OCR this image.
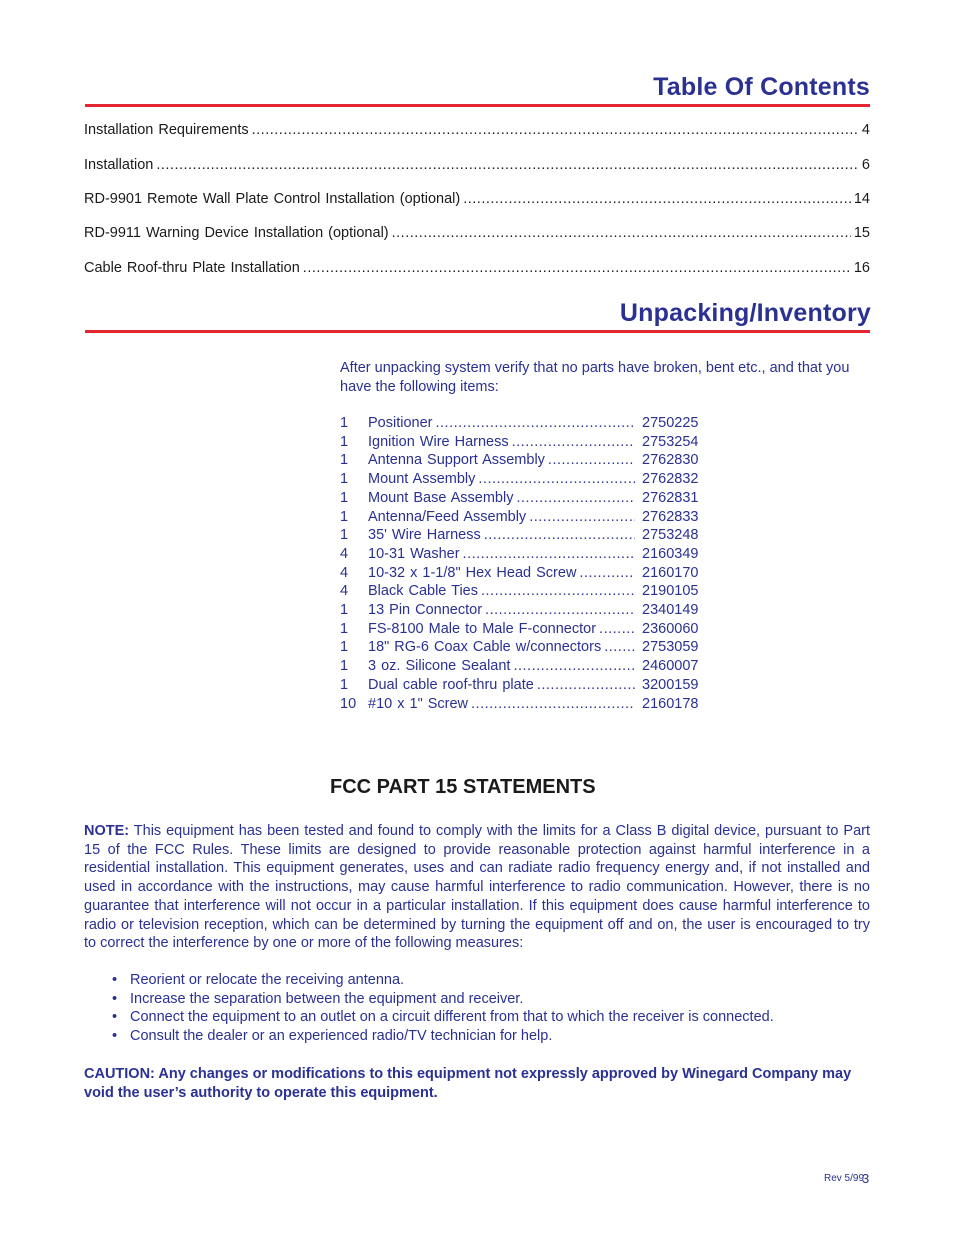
Table Of Contents
Installation Requirements .....	4
Installation .....	6
RD-9901 Remote Wall Plate Control Installation (optional) .....	14
RD-9911 Warning Device Installation (optional) .....	15
Cable Roof-thru Plate Installation .....	16
Unpacking/Inventory

After unpacking system verify that no parts have broken, bent etc., and that you have the following items:

1	Positioner .....	2750225
1	Ignition Wire Harness .....	2753254
1	Antenna Support Assembly .....	2762830
1	Mount Assembly .....	2762832
1	Mount Base Assembly .....	2762831
1	Antenna/Feed Assembly .....	2762833
1	35' Wire Harness .....	2753248
4	10-31 Washer .....	2160349
4	10-32 x 1-1/8" Hex Head Screw .....	2160170
4	Black Cable Ties .....	2190105
1	13 Pin Connector .....	2340149
1	FS-8100 Male to Male F-connector .....	2360060
1	18" RG-6 Coax Cable w/connectors .....	2753059
1	3 oz. Silicone Sealant .....	2460007
1	Dual cable roof-thru plate .....	3200159
10 #10 x 1" Screw .....	2160178
FCC PART 15 STATEMENTS

NOTE: This equipment has been tested and found to comply with the limits for a Class B digital device, pursuant to Part 15 of the FCC Rules. These limits are designed to provide reasonable protection against harmful interference in a residential installation. This equipment generates, uses and can radiate radio frequency energy and, if not installed and used in accordance with the instructions, may cause harmful interference to radio communication. However, there is no guarantee that interference will not occur in a particular installation. If this equipment does cause harmful interference to radio or television reception, which can be determined by turning the equipment off and on, the user is encouraged to try to correct the interference by one or more of the following measures:

• Reorient or relocate the receiving antenna.
• Increase the separation between the equipment and receiver.
• Connect the equipment to an outlet on a circuit different from that to which the receiver is connected.
• Consult the dealer or an experienced radio/TV technician for help.

CAUTION: Any changes or modifications to this equipment not expressly approved by Winegard Company may void the user’s authority to operate this equipment.

Rev 5/99
3
